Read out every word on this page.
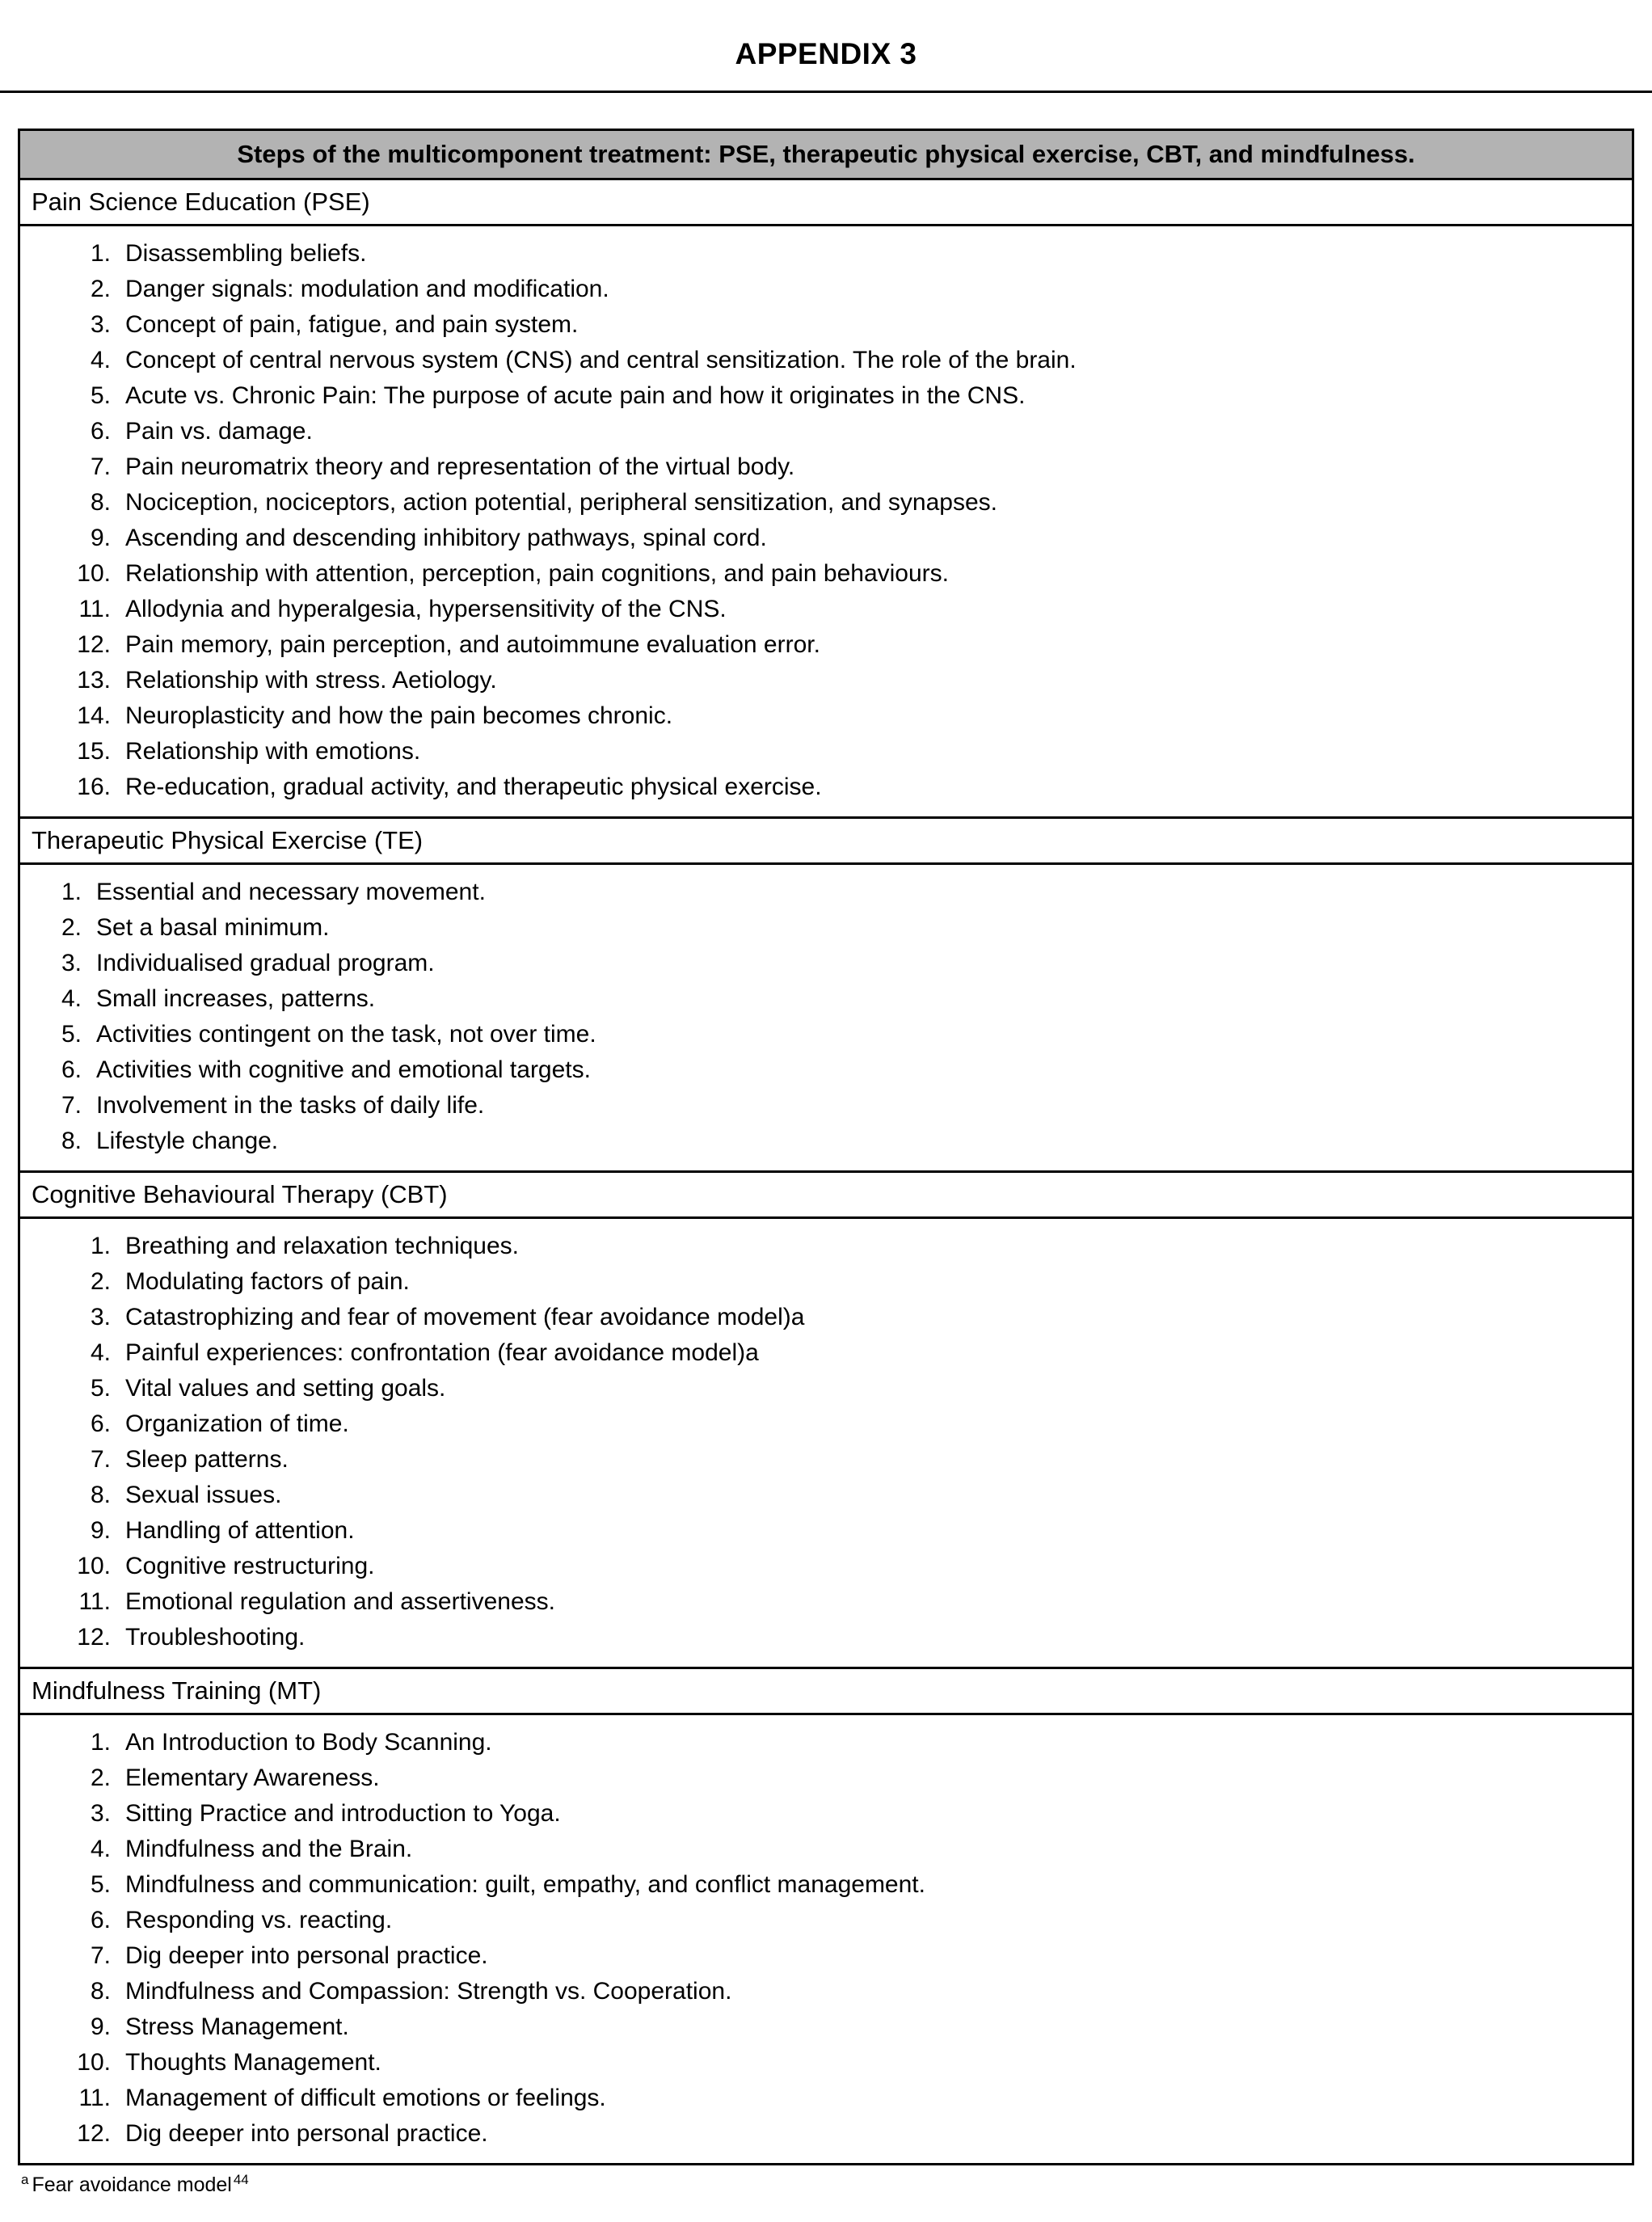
APPENDIX 3
Steps of the multicomponent treatment: PSE, therapeutic physical exercise, CBT, and mindfulness.
Pain Science Education (PSE)
1. Disassembling beliefs.
2. Danger signals: modulation and modification.
3. Concept of pain, fatigue, and pain system.
4. Concept of central nervous system (CNS) and central sensitization. The role of the brain.
5. Acute vs. Chronic Pain: The purpose of acute pain and how it originates in the CNS.
6. Pain vs. damage.
7. Pain neuromatrix theory and representation of the virtual body.
8. Nociception, nociceptors, action potential, peripheral sensitization, and synapses.
9. Ascending and descending inhibitory pathways, spinal cord.
10. Relationship with attention, perception, pain cognitions, and pain behaviours.
11. Allodynia and hyperalgesia, hypersensitivity of the CNS.
12. Pain memory, pain perception, and autoimmune evaluation error.
13. Relationship with stress. Aetiology.
14. Neuroplasticity and how the pain becomes chronic.
15. Relationship with emotions.
16. Re-education, gradual activity, and therapeutic physical exercise.
Therapeutic Physical Exercise (TE)
1. Essential and necessary movement.
2. Set a basal minimum.
3. Individualised gradual program.
4. Small increases, patterns.
5. Activities contingent on the task, not over time.
6. Activities with cognitive and emotional targets.
7. Involvement in the tasks of daily life.
8. Lifestyle change.
Cognitive Behavioural Therapy (CBT)
1. Breathing and relaxation techniques.
2. Modulating factors of pain.
3. Catastrophizing and fear of movement (fear avoidance model)a
4. Painful experiences: confrontation (fear avoidance model)a
5. Vital values and setting goals.
6. Organization of time.
7. Sleep patterns.
8. Sexual issues.
9. Handling of attention.
10. Cognitive restructuring.
11. Emotional regulation and assertiveness.
12. Troubleshooting.
Mindfulness Training (MT)
1. An Introduction to Body Scanning.
2. Elementary Awareness.
3. Sitting Practice and introduction to Yoga.
4. Mindfulness and the Brain.
5. Mindfulness and communication: guilt, empathy, and conflict management.
6. Responding vs. reacting.
7. Dig deeper into personal practice.
8. Mindfulness and Compassion: Strength vs. Cooperation.
9. Stress Management.
10. Thoughts Management.
11. Management of difficult emotions or feelings.
12. Dig deeper into personal practice.
$^a$ Fear avoidance model $^{44}$
